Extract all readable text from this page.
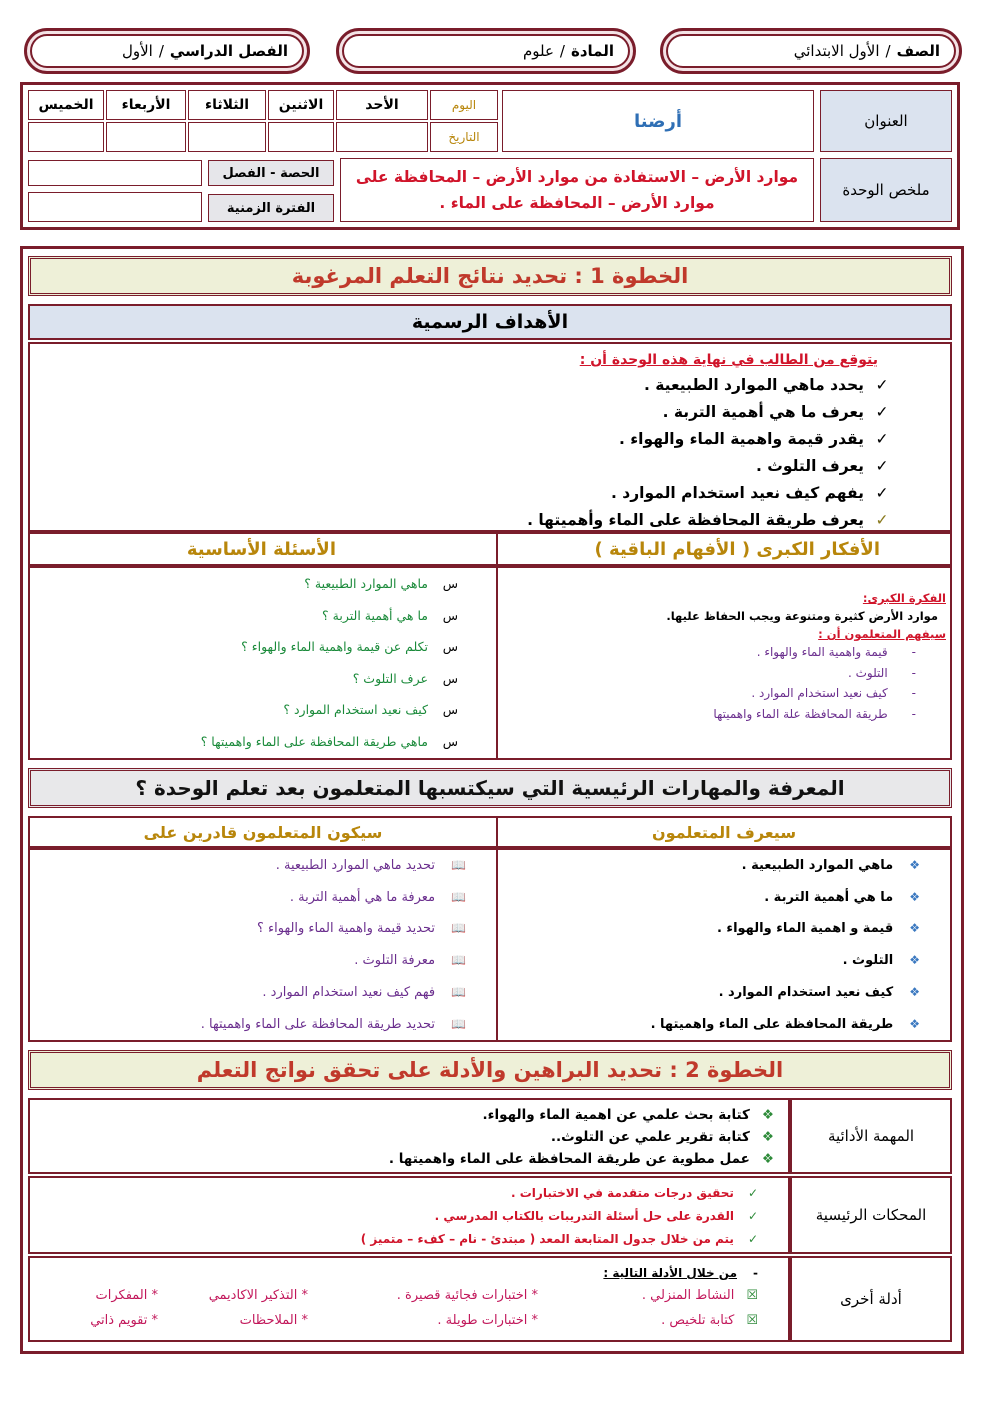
الصف
/
الأول الابتدائي
المادة
/
علوم
الفصل الدراسي
/
الأول
العنوان
أرضنا
اليوم
التاريخ
الأحد
الاثنين
الثلاثاء
الأربعاء
الخميس
ملخص الوحدة
موارد الأرض – الاستفادة من موارد الأرض – المحافظة على موارد الأرض – المحافظة على الماء .
الحصة - الفصل
الفترة الزمنية
الخطوة 1 : تحديد نتائج التعلم المرغوبة
الأهداف الرسمية
يتوقع من الطالب في نهاية هذه الوحدة أن :
✓
يحدد ماهي الموارد الطبيعية .
✓
يعرف ما هي أهمية التربة .
✓
يقدر قيمة واهمية الماء والهواء .
✓
يعرف التلوث .
✓
يفهم كيف نعيد استخدام الموارد .
✓
يعرف طريقة المحافظة على الماء وأهميتها .
الأفكار الكبرى ( الأفهام الباقية )
الأسئلة الأساسية
الفكرة الكبرى:
موارد الأرض كثيرة ومتنوعة ويجب الحفاظ عليها.
سيفهم المتعلمون أن :
-
قيمة واهمية الماء والهواء .
-
التلوث .
-
كيف نعيد استخدام الموارد .
-
طريقة المحافظة علة الماء واهميتها
س
ماهي الموارد الطبيعية ؟
س
ما هي أهمية التربة ؟
س
تكلم عن قيمة واهمية الماء والهواء ؟
س
عرف التلوث ؟
س
كيف نعيد استخدام الموارد ؟
س
ماهي طريقة المحافظة على الماء واهميتها ؟
المعرفة والمهارات الرئيسية التي سيكتسبها المتعلمون بعد تعلم الوحدة ؟
سيعرف المتعلمون
سيكون المتعلمون قادرين على
❖
ماهي الموارد الطبيعية .
❖
ما هي أهمية التربة .
❖
قيمة و اهمية الماء والهواء .
❖
التلوث .
❖
كيف نعيد استخدام الموارد .
❖
طريقة المحافظة على الماء واهميتها .
📖
تحديد ماهي الموارد الطبيعية .
📖
معرفة ما هي أهمية التربة .
📖
تحديد قيمة واهمية الماء والهواء ؟
📖
معرفة التلوث .
📖
فهم كيف نعيد استخدام الموارد .
📖
تحديد طريقة المحافظة على الماء واهميتها .
الخطوة 2 : تحديد البراهين والأدلة على تحقق نواتج التعلم
المهمة الأدائية
❖
كتابة بحث علمي عن اهمية الماء والهواء.
❖
كتابة تقرير علمي عن التلوث..
❖
عمل مطوية عن طريقة المحافظة على الماء واهميتها .
المحكات الرئيسية
✓
تحقيق درجات متقدمة في الاختبارات .
✓
القدرة على حل أسئلة التدريبات بالكتاب المدرسي .
✓
يتم من خلال جدول المتابعة المعد ( مبتدئ - نام – كفء – متميز )
أدلة أخرى
-
من خلال الأدلة التالية :
☒
النشاط المنزلي .
* اختبارات فجائية قصيرة .
* التذكير الاكاديمي
* المفكرات
☒
كتابة تلخيص .
* اختبارات طويلة .
* الملاحظات
* تقويم ذاتي
